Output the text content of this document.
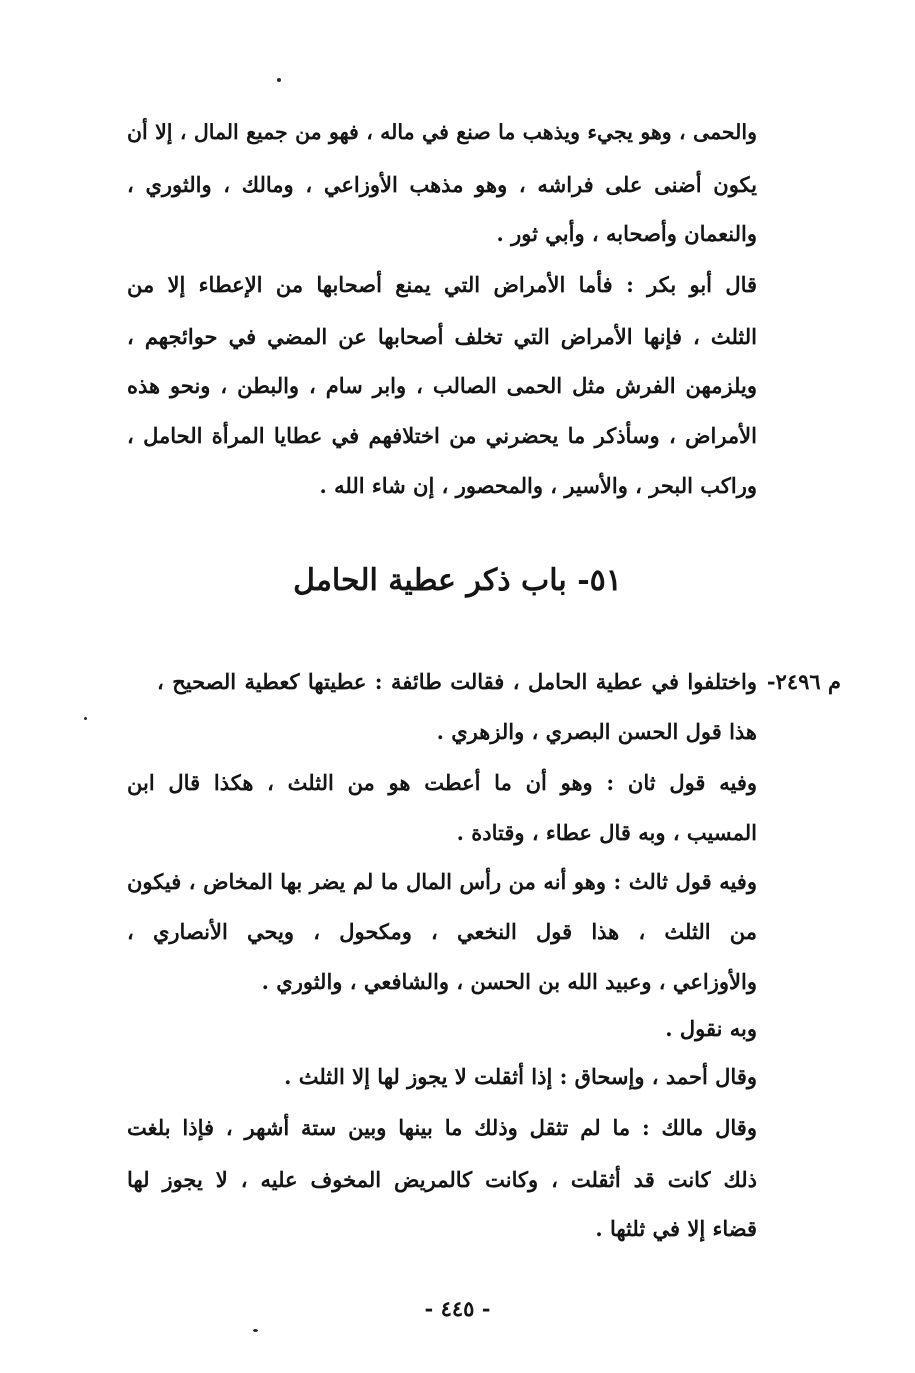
والحمى ، وهو يجيء ويذهب ما صنع في ماله ، فهو من جميع المال ، إلا أن
يكون أضنى على فراشه ، وهو مذهب الأوزاعي ، ومالك ، والثوري ،
والنعمان وأصحابه ، وأبي ثور .
قال أبو بكر : فأما الأمراض التي يمنع أصحابها من الإعطاء إلا من
الثلث ، فإنها الأمراض التي تخلف أصحابها عن المضي في حوائجهم ،
ويلزمهن الفرش مثل الحمى الصالب ، وابر سام ، والبطن ، ونحو هذه
الأمراض ، وسأذكر ما يحضرني من اختلافهم في عطايا المرأة الحامل ،
وراكب البحر ، والأسير ، والمحصور ، إن شاء الله .
٥١- باب ذكر عطية الحامل
م ٢٤٩٦-
واختلفوا في عطية الحامل ، فقالت طائفة : عطيتها كعطية الصحيح ،
هذا قول الحسن البصري ، والزهري .
وفيه قول ثان : وهو أن ما أعطت هو من الثلث ، هكذا قال ابن
المسيب ، وبه قال عطاء ، وقتادة .
وفيه قول ثالث : وهو أنه من رأس المال ما لم يضر بها المخاض ، فيكون
من الثلث ، هذا قول النخعي ، ومكحول ، ويحي الأنصاري ،
والأوزاعي ، وعبيد الله بن الحسن ، والشافعي ، والثوري .
وبه نقول .
وقال أحمد ، وإسحاق : إذا أثقلت لا يجوز لها إلا الثلث .
وقال مالك : ما لم تثقل وذلك ما بينها وبين ستة أشهر ، فإذا بلغت
ذلك كانت قد أثقلت ، وكانت كالمريض المخوف عليه ، لا يجوز لها
قضاء إلا في ثلثها .
- ٤٤٥ -
